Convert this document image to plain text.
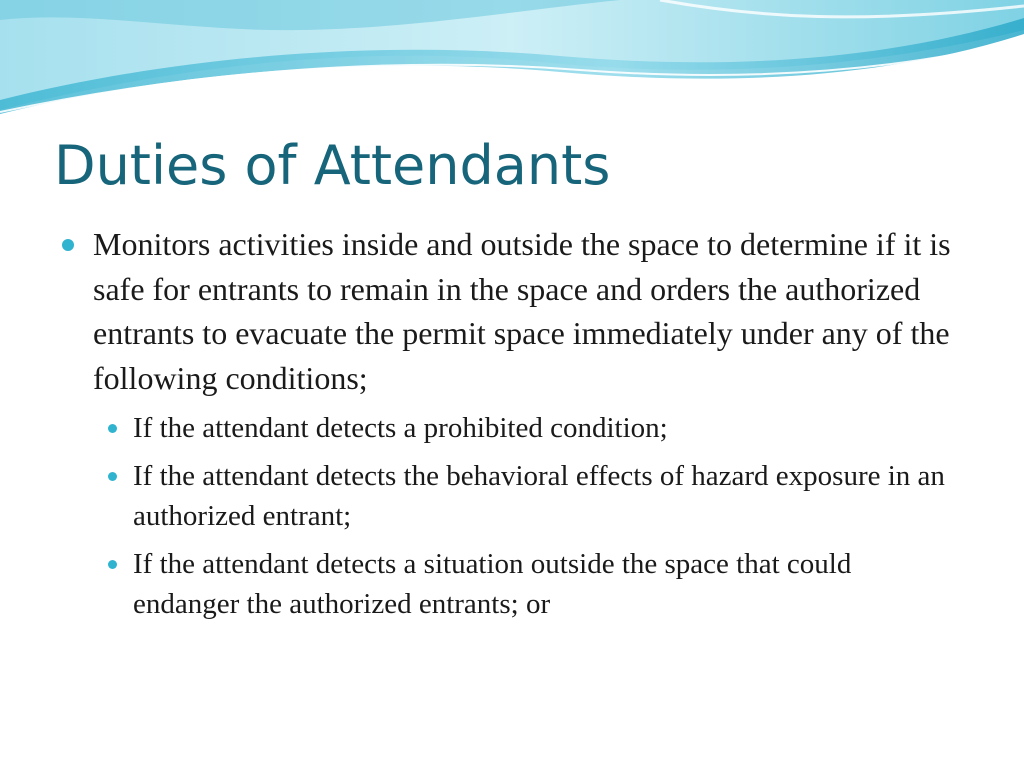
Duties of Attendants
Monitors activities inside and outside the space to determine if it is safe for entrants to remain in the space and orders the authorized entrants to evacuate the permit space immediately under any of the following conditions;
If the attendant detects a prohibited condition;
If the attendant detects the behavioral effects of hazard exposure in an authorized entrant;
If the attendant detects a situation outside the space that could endanger the authorized entrants; or
